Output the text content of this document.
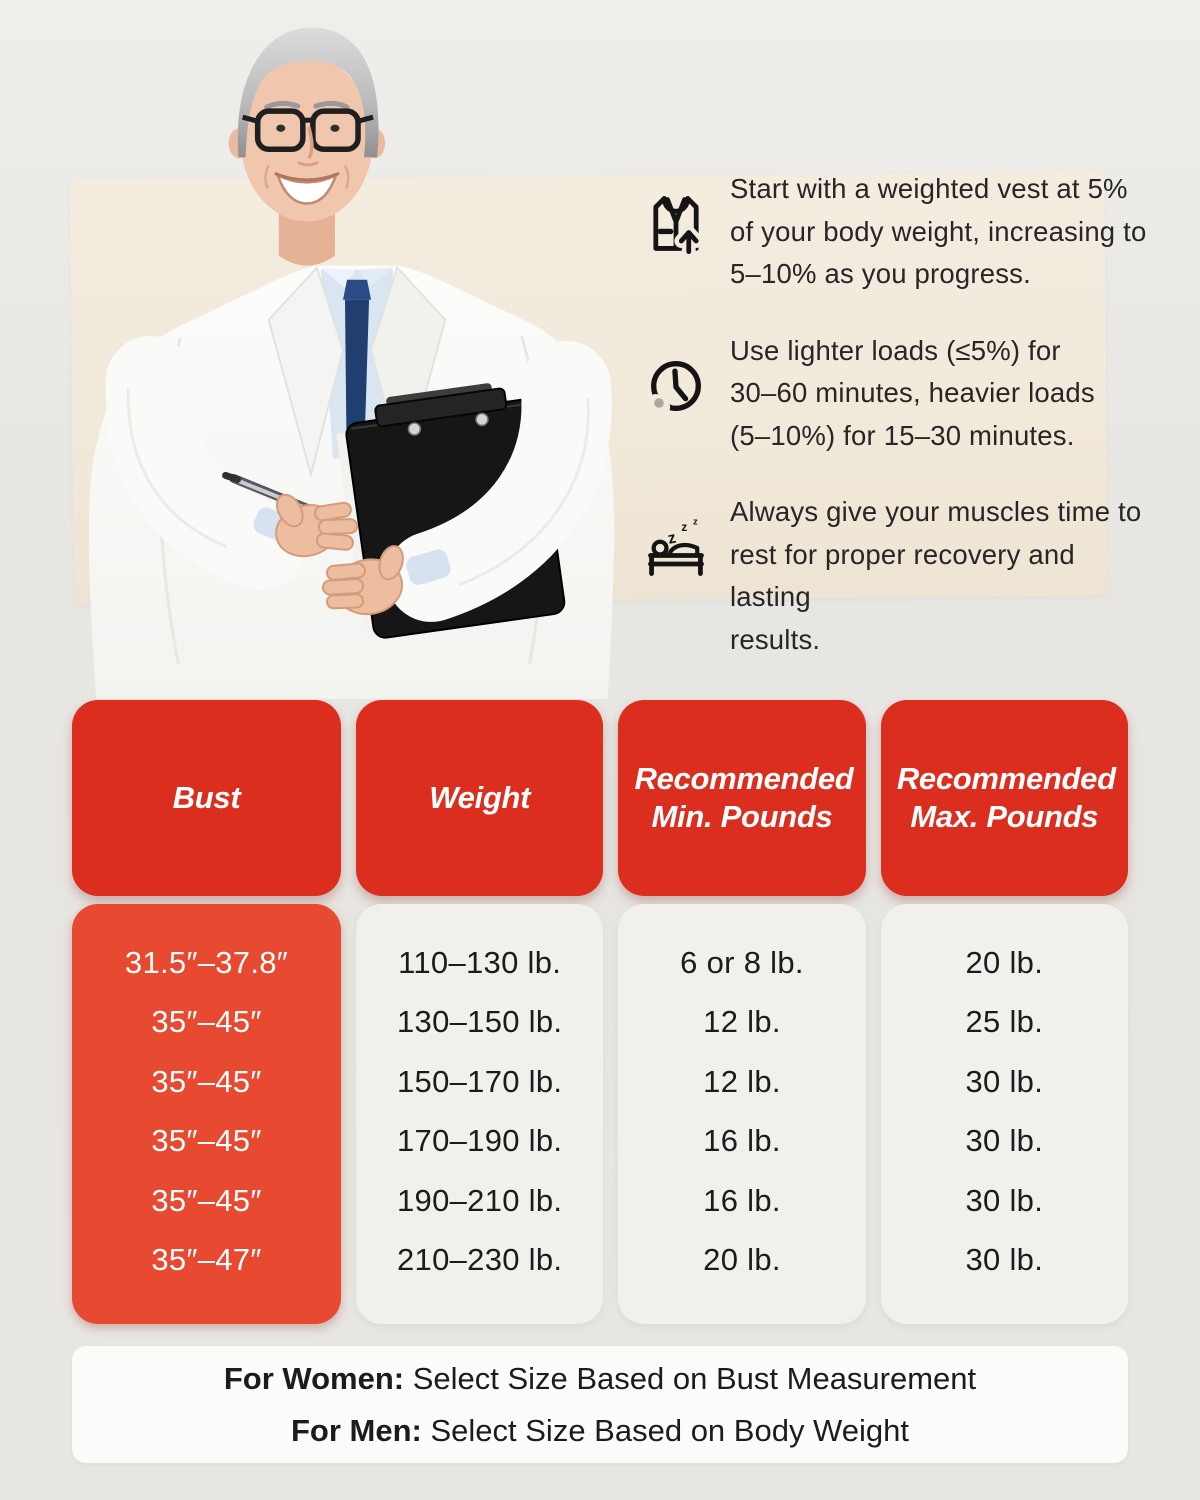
Start with a weighted vest at 5%
of your body weight, increasing to
5–10% as you progress.
Use lighter loads (≤5%) for
30–60 minutes, heavier loads
(5–10%) for 15–30 minutes.
z
z z Always give your muscles time to
rest for proper recovery and lasting
results.
Bust	Weight
Recommended Min. Pounds
Recommended Max. Pounds
31.5″–37.8″
35″–45″
35″–45″
35″–45″
35″–45″
35″–47″
110–130 lb.
130–150 lb.
150–170 lb.
170–190 lb.
190–210 lb.
210–230 lb.
6 or 8 lb.
12 lb.
12 lb.
16 lb.
16 lb.
20 lb.
20 lb.
25 lb.
30 lb.
30 lb.
30 lb.
30 lb.
For Women: Select Size Based on Bust Measurement
For Men: Select Size Based on Body Weight
